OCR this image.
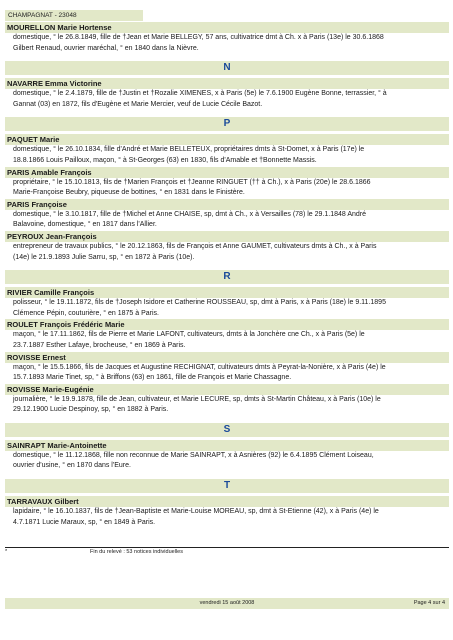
CHAMPAGNAT - 23048
MOURELLON Marie Hortense
domestique, ° le 26.8.1849, fille de †Jean et Marie BELLEGY, 57 ans, cultivatrice dmt à Ch. x à Paris (13e) le 30.6.1868
Gilbert Renaud, ouvrier maréchal, ° en 1840 dans la Nièvre.
N
NAVARRE Emma Victorine
domestique, ° le 2.4.1879, fille de †Justin et †Rozalie XIMENES, x à Paris (5e) le 7.6.1900 Eugène Bonne, terrassier, ° à
Gannat (03) en 1872, fils d'Eugène et Marie Mercier, veuf de Lucie Cécile Bazot.
P
PAQUET Marie
domestique, ° le 26.10.1834, fille d'André et Marie BELLETEUX, propriétaires dmts à St-Domet, x à Paris (17e) le
18.8.1866 Louis Pailloux, maçon, ° à St-Georges (63) en 1830, fils d'Amable et †Bonnette Massis.
PARIS Amable François
propriétaire, ° le 15.10.1813, fils de †Marien François et †Jeanne RINGUET (†† à Ch.), x à Paris (20e) le 28.6.1866
Marie-Françoise Beubry, piqueuse de bottines, ° en 1831 dans le Finistère.
PARIS Françoise
domestique, ° le 3.10.1817, fille de †Michel et Anne CHAISE, sp, dmt à Ch., x à Versailles (78) le 29.1.1848 André
Balavoine, domestique, ° en 1817 dans l'Allier.
PEYROUX Jean-François
entrepreneur de travaux publics, ° le 20.12.1863, fils de François et Anne GAUMET, cultivateurs dmts à Ch., x à Paris
(14e) le 21.9.1893 Julie Sarru, sp, ° en 1872 à Paris (10e).
R
RIVIER Camille François
polisseur, ° le 19.11.1872, fils de †Joseph Isidore et Catherine ROUSSEAU, sp, dmt à Paris, x à Paris (18e) le 9.11.1895
Clémence Pépin, couturière, ° en 1875 à Paris.
ROULET François Frédéric Marie
maçon, ° le 17.11.1862, fils de Pierre et Marie LAFONT, cultivateurs, dmts à la Jonchère cne Ch., x à Paris (5e) le
23.7.1887 Esther Lafaye, brocheuse, ° en 1869 à Paris.
ROVISSE Ernest
maçon, ° le 15.5.1866, fils de Jacques et Augustine RECHIGNAT, cultivateurs dmts à Peyrat-la-Nonière, x à Paris (4e) le
15.7.1893 Marie Tinet, sp, ° à Briffons (63) en 1861, fille de François et Marie Chassagne.
ROVISSE Marie-Eugénie
journalière, ° le 19.9.1878, fille de Jean, cultivateur, et Marie LECURE, sp, dmts à St-Martin Château, x à Paris (10e) le
29.12.1900 Lucie Despinoy, sp, ° en 1882 à Paris.
S
SAINRAPT Marie-Antoinette
domestique, ° le 11.12.1868, fille non reconnue de Marie SAINRAPT, x à Asnières (92) le 6.4.1895 Clément Loiseau,
ouvrier d'usine, ° en 1870 dans l'Eure.
T
TARRAVAUX Gilbert
lapidaire, ° le 16.10.1837, fils de †Jean-Baptiste et Marie-Louise MOREAU, sp, dmt à St-Etienne (42), x à Paris (4e) le
4.7.1871 Lucie Maraux, sp, ° en 1849 à Paris.
*	Fin du relevé : 53 notices individuelles
vendredi 15 août 2008	Page 4 sur 4
